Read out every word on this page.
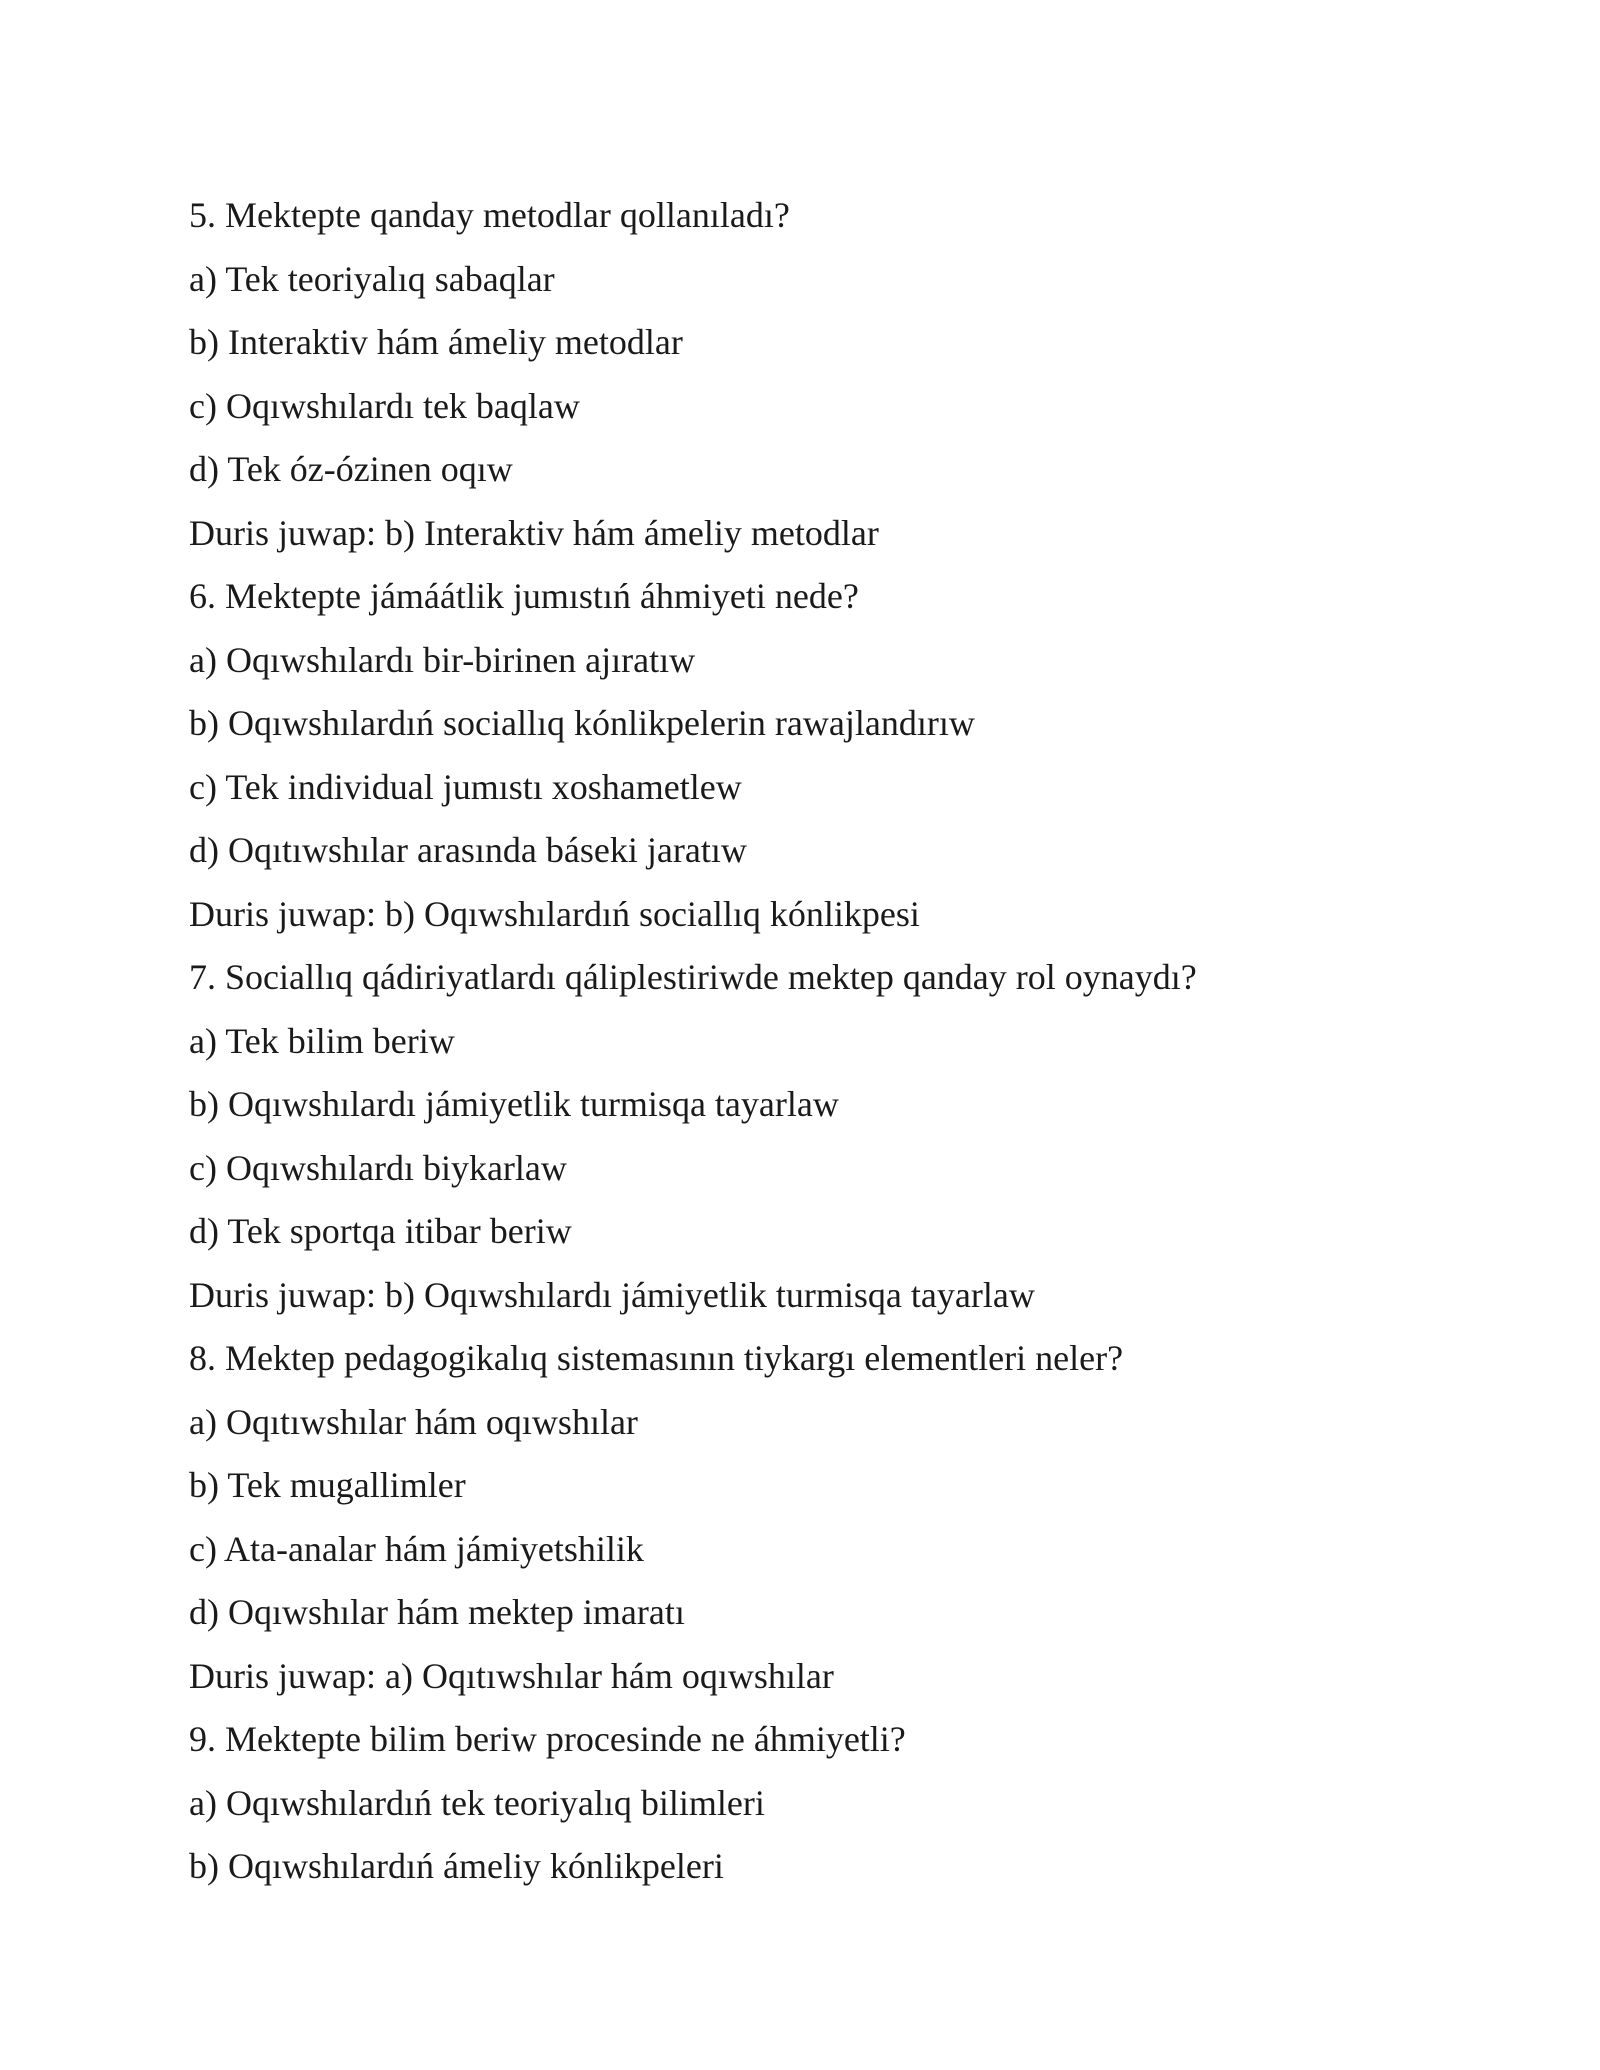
5. Mektepte qanday metodlar qollanıladı?

a) Tek teoriyalıq sabaqlar

b) Interaktiv hám ámeliy metodlar

c) Oqıwshılardı tek baqlaw

d) Tek óz-ózinen oqıw

Duris juwap: b) Interaktiv hám ámeliy metodlar

6. Mektepte jámáátlik jumıstıń áhmiyeti nede?

a) Oqıwshılardı bir-birinen ajıratıw

b) Oqıwshılardıń sociallıq kónlikpelerin rawajlandırıw

c) Tek individual jumıstı xoshametlew

d) Oqıtıwshılar arasında báseki jaratıw

Duris juwap: b) Oqıwshılardıń sociallıq kónlikpesi

7. Sociallıq qádiriyatlardı qáliplestiriwde mektep qanday rol oynaydı?

a) Tek bilim beriw

b) Oqıwshılardı jámiyetlik turmisqa tayarlaw

c) Oqıwshılardı biykarlaw

d) Tek sportqa itibar beriw

Duris juwap: b) Oqıwshılardı jámiyetlik turmisqa tayarlaw

8. Mektep pedagogikalıq sistemasının tiykargı elementleri neler?

a) Oqıtıwshılar hám oqıwshılar

b) Tek mugallimler

c) Ata-analar hám jámiyetshilik

d) Oqıwshılar hám mektep imaratı

Duris juwap: a) Oqıtıwshılar hám oqıwshılar

9. Mektepte bilim beriw procesinde ne áhmiyetli?

a) Oqıwshılardıń tek teoriyalıq bilimleri

b) Oqıwshılardıń ámeliy kónlikpeleri
